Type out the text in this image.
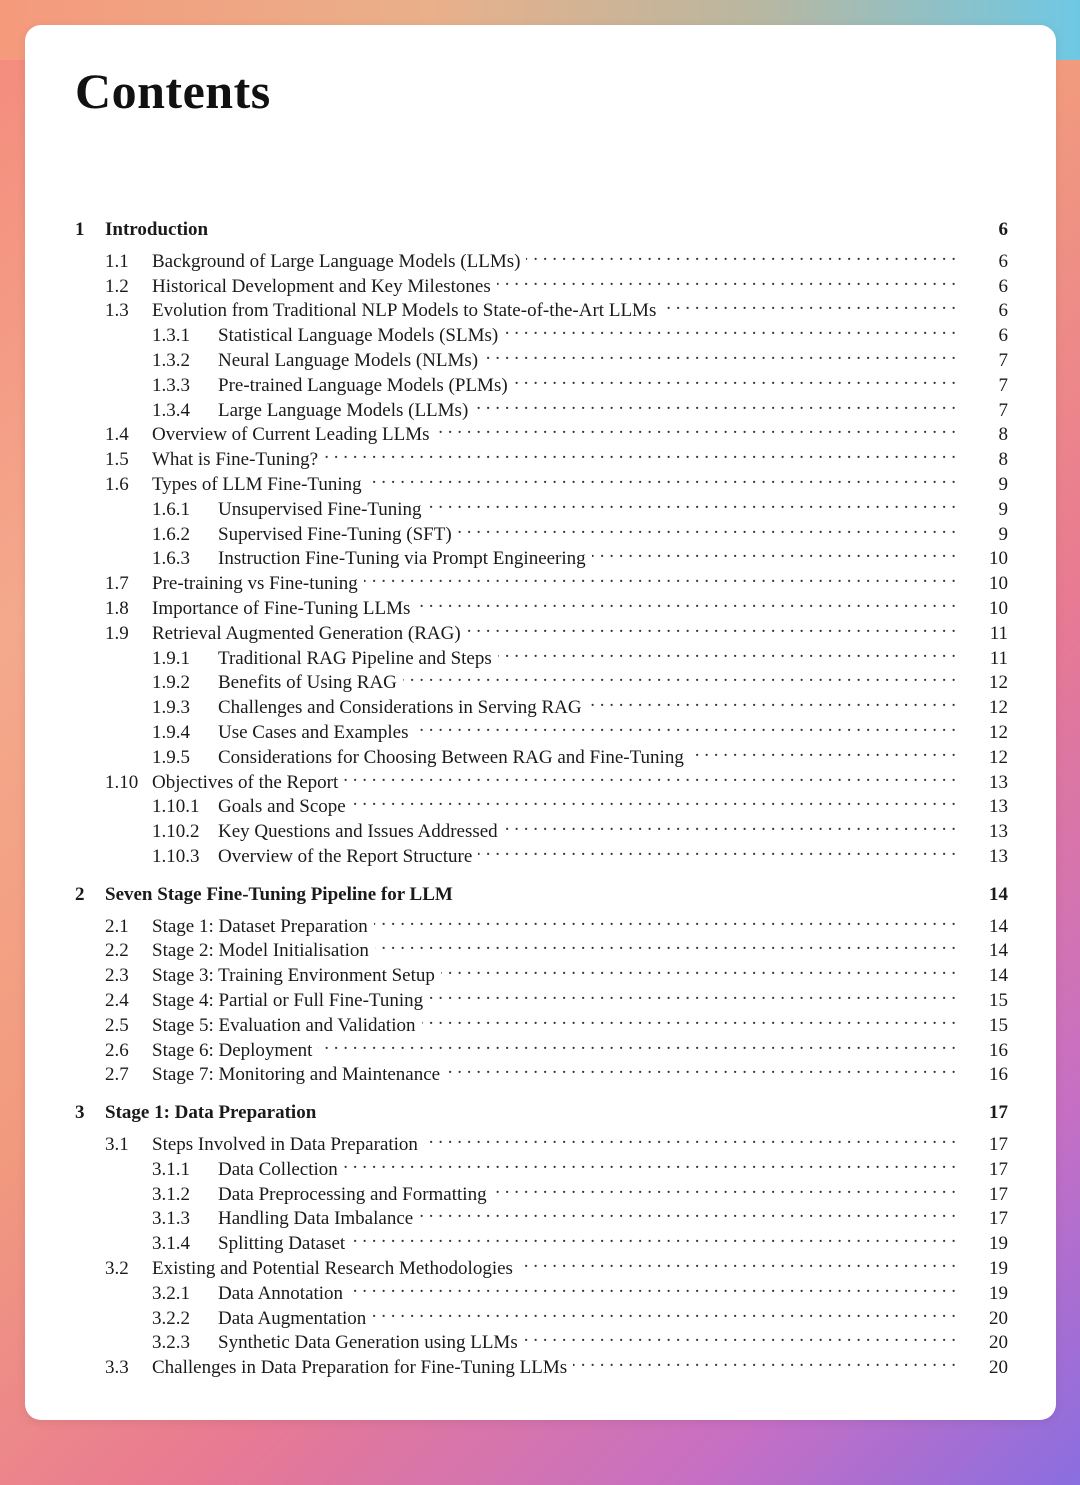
Contents
1	Introduction	6
1.1	Background of Large Language Models (LLMs) . . .	6
1.2	Historical Development and Key Milestones . . .	6
1.3	Evolution from Traditional NLP Models to State-of-the-Art LLMs . . .	6
1.3.1	Statistical Language Models (SLMs) . . .	6
1.3.2	Neural Language Models (NLMs) . . .	7
1.3.3	Pre-trained Language Models (PLMs) . . .	7
1.3.4	Large Language Models (LLMs) . . .	7
1.4	Overview of Current Leading LLMs . . .	8
1.5	What is Fine-Tuning? . . .	8
1.6	Types of LLM Fine-Tuning . . .	9
1.6.1	Unsupervised Fine-Tuning . . .	9
1.6.2	Supervised Fine-Tuning (SFT) . . .	9
1.6.3	Instruction Fine-Tuning via Prompt Engineering . . .	10
1.7	Pre-training vs Fine-tuning . . .	10
1.8	Importance of Fine-Tuning LLMs . . .	10
1.9	Retrieval Augmented Generation (RAG) . . .	11
1.9.1	Traditional RAG Pipeline and Steps . . .	11
1.9.2	Benefits of Using RAG . . .	12
1.9.3	Challenges and Considerations in Serving RAG . . .	12
1.9.4	Use Cases and Examples . . .	12
1.9.5	Considerations for Choosing Between RAG and Fine-Tuning . . .	12
1.10 Objectives of the Report . . .	13
1.10.1 Goals and Scope . . .	13
1.10.2 Key Questions and Issues Addressed . . .	13
1.10.3 Overview of the Report Structure . . .	13
2	Seven Stage Fine-Tuning Pipeline for LLM	14
2.1	Stage 1: Dataset Preparation . . .	14
2.2	Stage 2: Model Initialisation . . .	14
2.3	Stage 3: Training Environment Setup . . .	14
2.4	Stage 4: Partial or Full Fine-Tuning . . .	15
2.5	Stage 5: Evaluation and Validation . . .	15
2.6	Stage 6: Deployment . . .	16
2.7	Stage 7: Monitoring and Maintenance . . .	16
3	Stage 1: Data Preparation	17
3.1	Steps Involved in Data Preparation . . .	17
3.1.1	Data Collection . . .	17
3.1.2	Data Preprocessing and Formatting . . .	17
3.1.3	Handling Data Imbalance . . .	17
3.1.4	Splitting Dataset . . .	19
3.2	Existing and Potential Research Methodologies . . .	19
3.2.1	Data Annotation . . .	19
3.2.2	Data Augmentation . . .	20
3.2.3	Synthetic Data Generation using LLMs . . .	20
3.3	Challenges in Data Preparation for Fine-Tuning LLMs . . .	20
